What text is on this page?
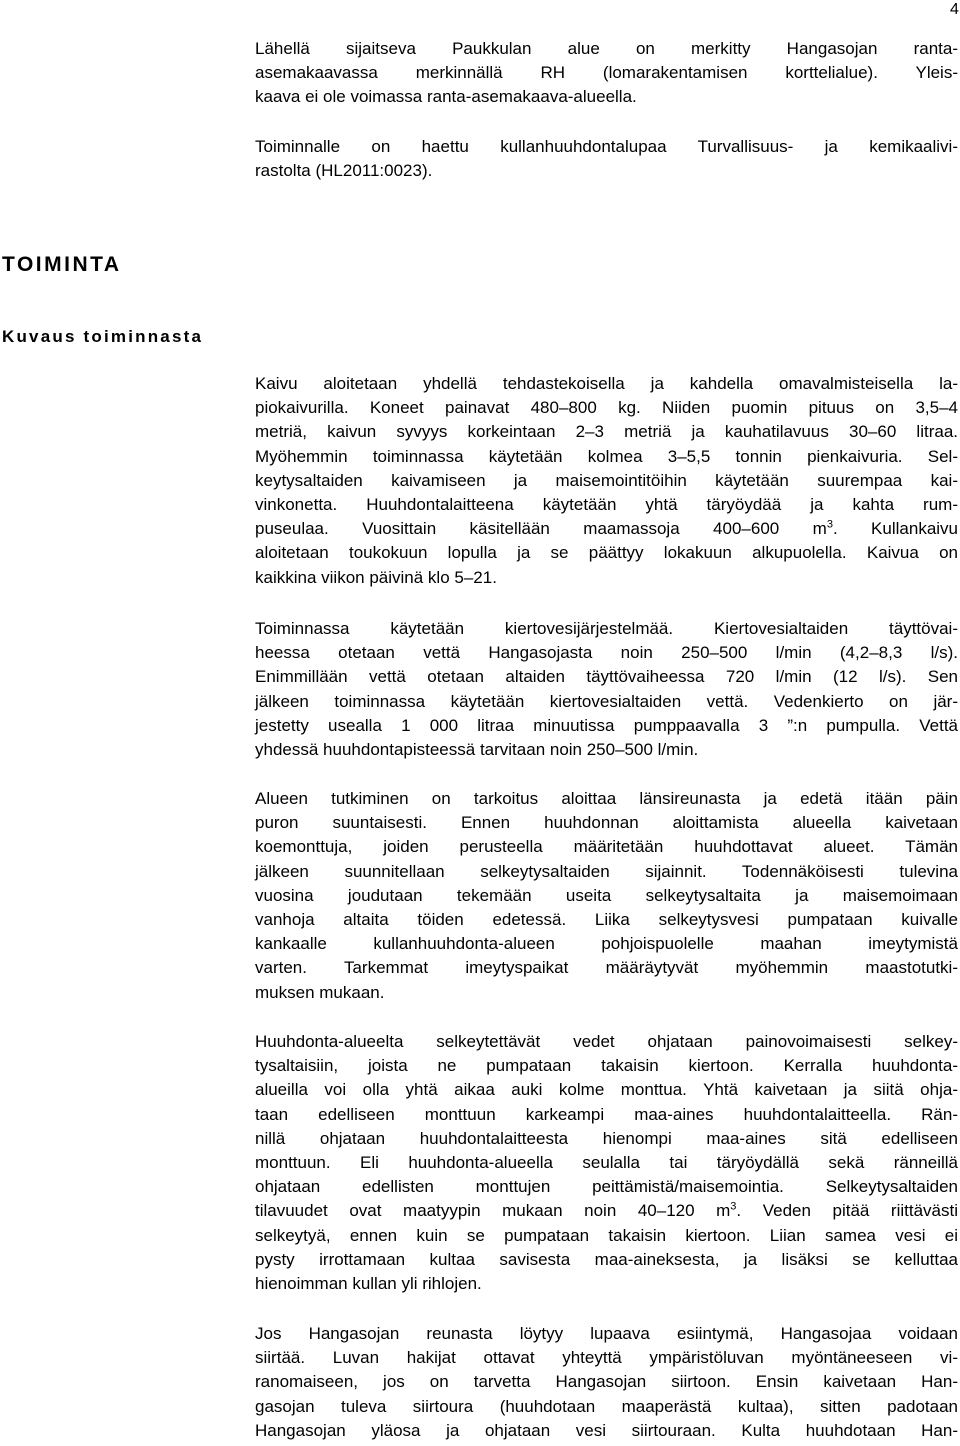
4
Lähellä sijaitseva Paukkulan alue on merkitty Hangasojan ranta-
asemakaavassa merkinnällä RH (lomarakentamisen korttelialue). Yleis-
kaava ei ole voimassa ranta-asemakaava-alueella.
Toiminnalle on haettu kullanhuuhdontalupaa Turvallisuus- ja kemikaalivi-
rastolta (HL2011:0023).
TOIMINTA
Kuvaus toiminnasta
Kaivu aloitetaan yhdellä tehdastekoisella ja kahdella omavalmisteisella la-
piokaivurilla. Koneet painavat 480–800 kg. Niiden puomin pituus on 3,5–4
metriä, kaivun syvyys korkeintaan 2–3 metriä ja kauhatilavuus 30–60 litraa.
Myöhemmin toiminnassa käytetään kolmea 3–5,5 tonnin pienkaivuria. Sel-
keytysaltaiden kaivamiseen ja maisemointitöihin käytetään suurempaa kai-
vinkonetta. Huuhdontalaitteena käytetään yhtä täryöydää ja kahta rum-
puseulaa. Vuosittain käsitellään maamassoja 400–600 $m^3$. Kullankaivu
aloitetaan toukokuun lopulla ja se päättyy lokakuun alkupuolella. Kaivua on
kaikkina viikon päivinä klo 5–21.
Toiminnassa käytetään kiertovesijärjestelmää. Kiertovesialtaiden täyttövai-
heessa otetaan vettä Hangasojasta noin 250–500 l/min (4,2–8,3 l/s).
Enimmillään vettä otetaan altaiden täyttövaiheessa 720 l/min (12 l/s). Sen
jälkeen toiminnassa käytetään kiertovesialtaiden vettä. Vedenkierto on jär-
jestetty usealla 1 000 litraa minuutissa pumppaavalla 3 ”:n pumpulla. Vettä
yhdessä huuhdontapisteessä tarvitaan noin 250–500 l/min.
Alueen tutkiminen on tarkoitus aloittaa länsireunasta ja edetä itään päin
puron suuntaisesti. Ennen huuhdonnan aloittamista alueella kaivetaan
koemonttuja, joiden perusteella määritetään huuhdottavat alueet. Tämän
jälkeen suunnitellaan selkeytysaltaiden sijainnit. Todennäköisesti tulevina
vuosina joudutaan tekemään useita selkeytysaltaita ja maisemoimaan
vanhoja altaita töiden edetessä. Liika selkeytysvesi pumpataan kuivalle
kankaalle kullanhuuhdonta-alueen pohjoispuolelle maahan imeytymistä
varten. Tarkemmat imeytyspaikat määräytyvät myöhemmin maastotutki-
muksen mukaan.
Huuhdonta-alueelta selkeytettävät vedet ohjataan painovoimaisesti selkey-
tysaltaisiin, joista ne pumpataan takaisin kiertoon. Kerralla huuhdonta-
alueilla voi olla yhtä aikaa auki kolme monttua. Yhtä kaivetaan ja siitä ohja-
taan edelliseen monttuun karkeampi maa-aines huuhdontalaitteella. Rän-
nillä ohjataan huuhdontalaitteesta hienompi maa-aines sitä edelliseen
monttuun. Eli huuhdonta-alueella seulalla tai täryöydällä sekä ränneillä
ohjataan edellisten monttujen peittämistä/maisemointia. Selkeytysaltaiden
tilavuudet ovat maatyypin mukaan noin 40–120 $m^3$. Veden pitää riittävästi
selkeytyä, ennen kuin se pumpataan takaisin kiertoon. Liian samea vesi ei
pysty irrottamaan kultaa savisesta maa-aineksesta, ja lisäksi se kelluttaa
hienoimman kullan yli rihlojen.
Jos Hangasojan reunasta löytyy lupaava esiintymä, Hangasojaa voidaan
siirtää. Luvan hakijat ottavat yhteyttä ympäristöluvan myöntäneeseen vi-
ranomaiseen, jos on tarvetta Hangasojan siirtoon. Ensin kaivetaan Han-
gasojan tuleva siirtoura (huuhdotaan maaperästä kultaa), sitten padotaan
Hangasojan yläosa ja ohjataan vesi siirtouraan. Kulta huuhdotaan Han-
